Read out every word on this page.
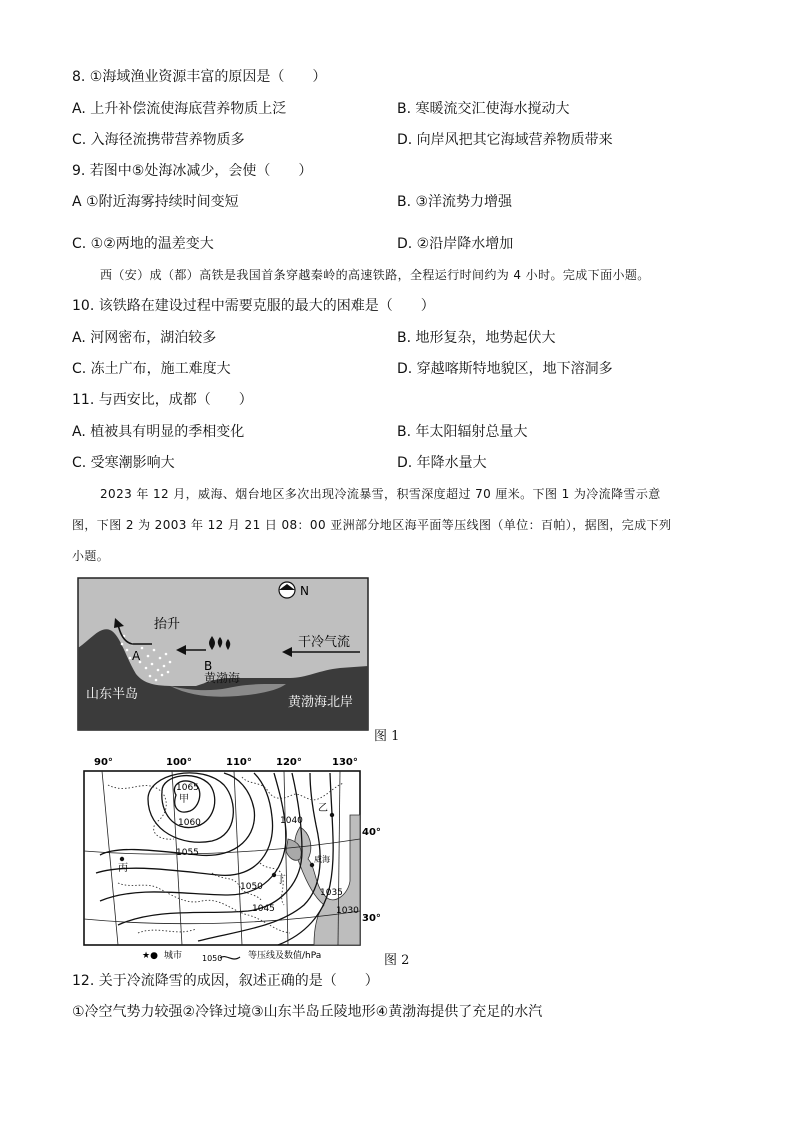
8. ①海域渔业资源丰富的原因是（　　）
A. 上升补偿流使海底营养物质上泛	B. 寒暖流交汇使海水搅动大
C. 入海径流携带营养物质多	D. 向岸风把其它海域营养物质带来
9. 若图中⑤处海冰减少，会使（　　）
A ①附近海雾持续时间变短	B. ③洋流势力增强
C. ①②两地的温差变大	D. ②沿岸降水增加
西（安）成（都）高铁是我国首条穿越秦岭的高速铁路，全程运行时间约为 4 小时。完成下面小题。
10. 该铁路在建设过程中需要克服的最大的困难是（　　）
A. 河网密布，湖泊较多	B. 地形复杂，地势起伏大
C. 冻土广布，施工难度大	D. 穿越喀斯特地貌区，地下溶洞多
11. 与西安比，成都（　　）
A. 植被具有明显的季相变化	B. 年太阳辐射总量大
C. 受寒潮影响大	D. 年降水量大
2023 年 12 月，威海、烟台地区多次出现冷流暴雪，积雪深度超过 70 厘米。下图 1 为冷流降雪示意
图，下图 2 为 2003 年 12 月 21 日 08：00 亚洲部分地区海平面等压线图（单位：百帕），据图，完成下列
小题。
抬升
A
B
干冷气流
黄渤海
山东半岛
黄渤海北岸
N
图 1
90°	100°	110° 120°	130°
1065
甲
1060
1055
1050
1045
1040
1035
1030
丙
乙
丁
威海
40°
30°
★● 城市 1050	等压线及数值/hPa	图 2
12. 关于冷流降雪的成因，叙述正确的是（　　）
①冷空气势力较强②冷锋过境③山东半岛丘陵地形④黄渤海提供了充足的水汽
